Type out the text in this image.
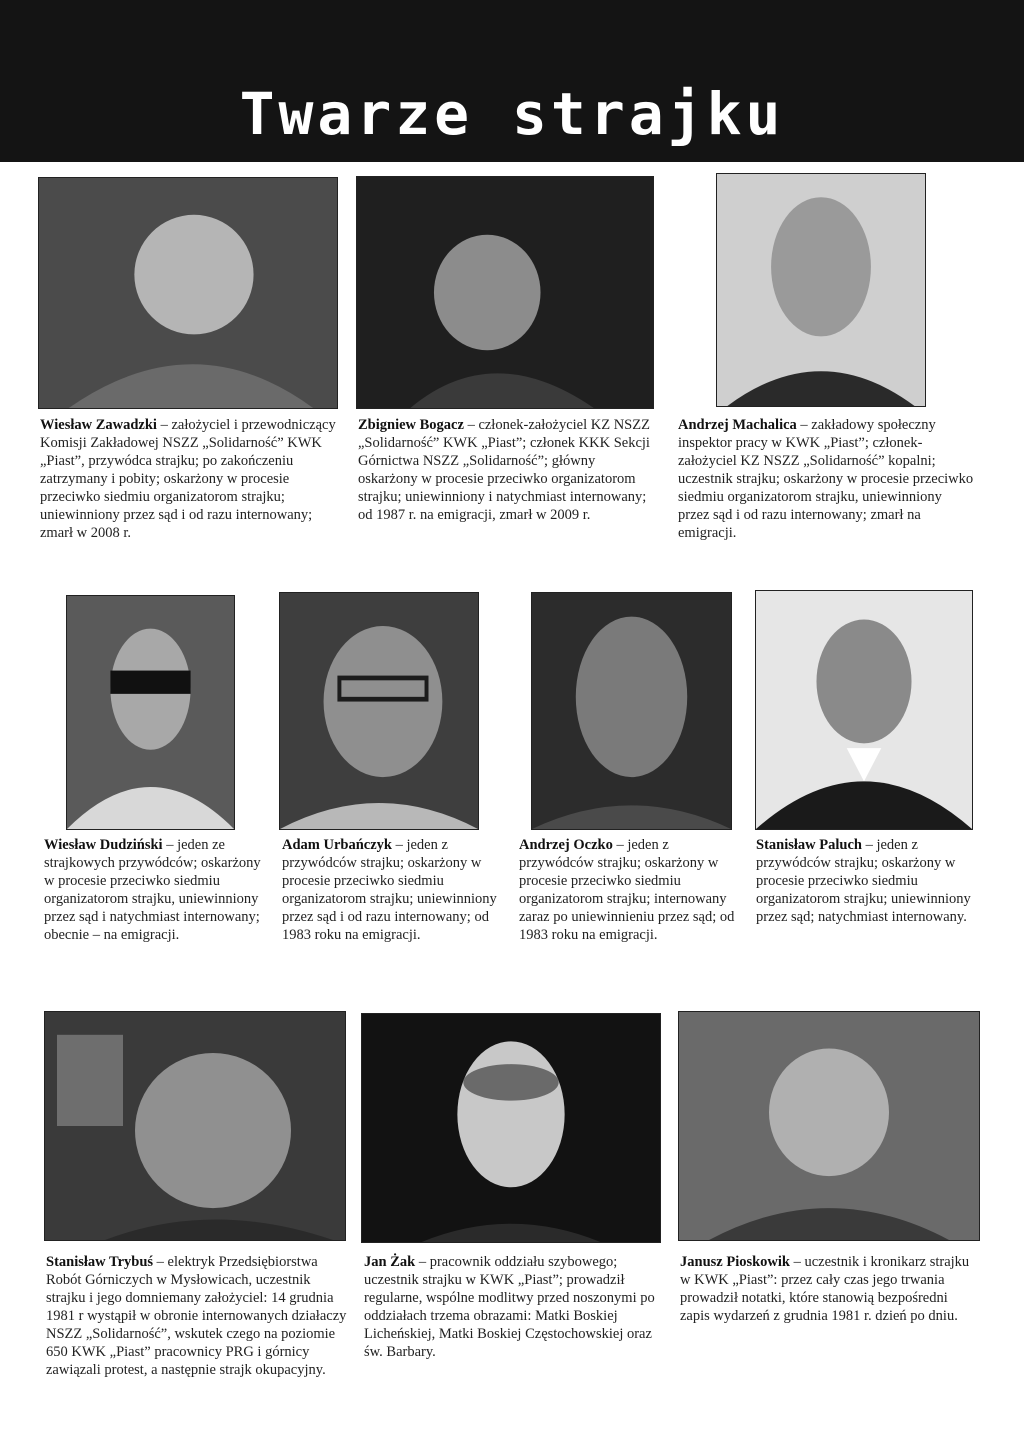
Twarze strajku
Wiesław Zawadzki – założyciel i przewodniczący Komisji Zakładowej NSZZ „Solidarność” KWK „Piast”, przywódca strajku; po zakończeniu zatrzymany i pobity; oskarżony w procesie przeciwko siedmiu organizatorom strajku; uniewinniony przez sąd i od razu internowany; zmarł w 2008 r.
Zbigniew Bogacz – członek-założyciel KZ NSZZ „Solidarność” KWK „Piast”; członek KKK Sekcji Górnictwa NSZZ „Solidarność”; główny oskarżony w procesie przeciwko organizatorom strajku; uniewinniony i natychmiast internowany; od 1987 r. na emigracji, zmarł w 2009 r.
Andrzej Machalica – zakładowy społeczny inspektor pracy w KWK „Piast”; członek-założyciel KZ NSZZ „Solidarność” kopalni; uczestnik strajku; oskarżony w procesie przeciwko siedmiu organizatorom strajku, uniewinniony przez sąd i od razu internowany; zmarł na emigracji.
Wiesław Dudziński – jeden ze strajkowych przywódców; oskarżony w procesie przeciwko siedmiu organizatorom strajku, uniewinniony przez sąd i natychmiast internowany; obecnie – na emigracji.
Adam Urbańczyk – jeden z przywódców strajku; oskarżony w procesie przeciwko siedmiu organizatorom strajku; uniewinniony przez sąd i od razu internowany; od 1983 roku na emigracji.
Andrzej Oczko – jeden z przywódców strajku; oskarżony w procesie przeciwko siedmiu organizatorom strajku; internowany zaraz po uniewinnieniu przez sąd; od 1983 roku na emigracji.
Stanisław Paluch – jeden z przywódców strajku; oskarżony w procesie przeciwko siedmiu organizatorom strajku; uniewinniony przez sąd; natychmiast internowany.
Stanisław Trybuś – elektryk Przedsiębiorstwa Robót Górniczych w Mysłowicach, uczestnik strajku i jego domniemany założyciel: 14 grudnia 1981 r wystąpił w obronie internowanych działaczy NSZZ „Solidarność”, wskutek czego na poziomie 650 KWK „Piast” pracownicy PRG i górnicy zawiązali protest, a następnie strajk okupacyjny.
Jan Żak – pracownik oddziału szybowego; uczestnik strajku w KWK „Piast”; prowadził regularne, wspólne modlitwy przed noszonymi po oddziałach trzema obrazami: Matki Boskiej Licheńskiej, Matki Boskiej Częstochowskiej oraz św. Barbary.
Janusz Pioskowik – uczestnik i kronikarz strajku w KWK „Piast”: przez cały czas jego trwania prowadził notatki, które stanowią bezpośredni zapis wydarzeń z grudnia 1981 r. dzień po dniu.
